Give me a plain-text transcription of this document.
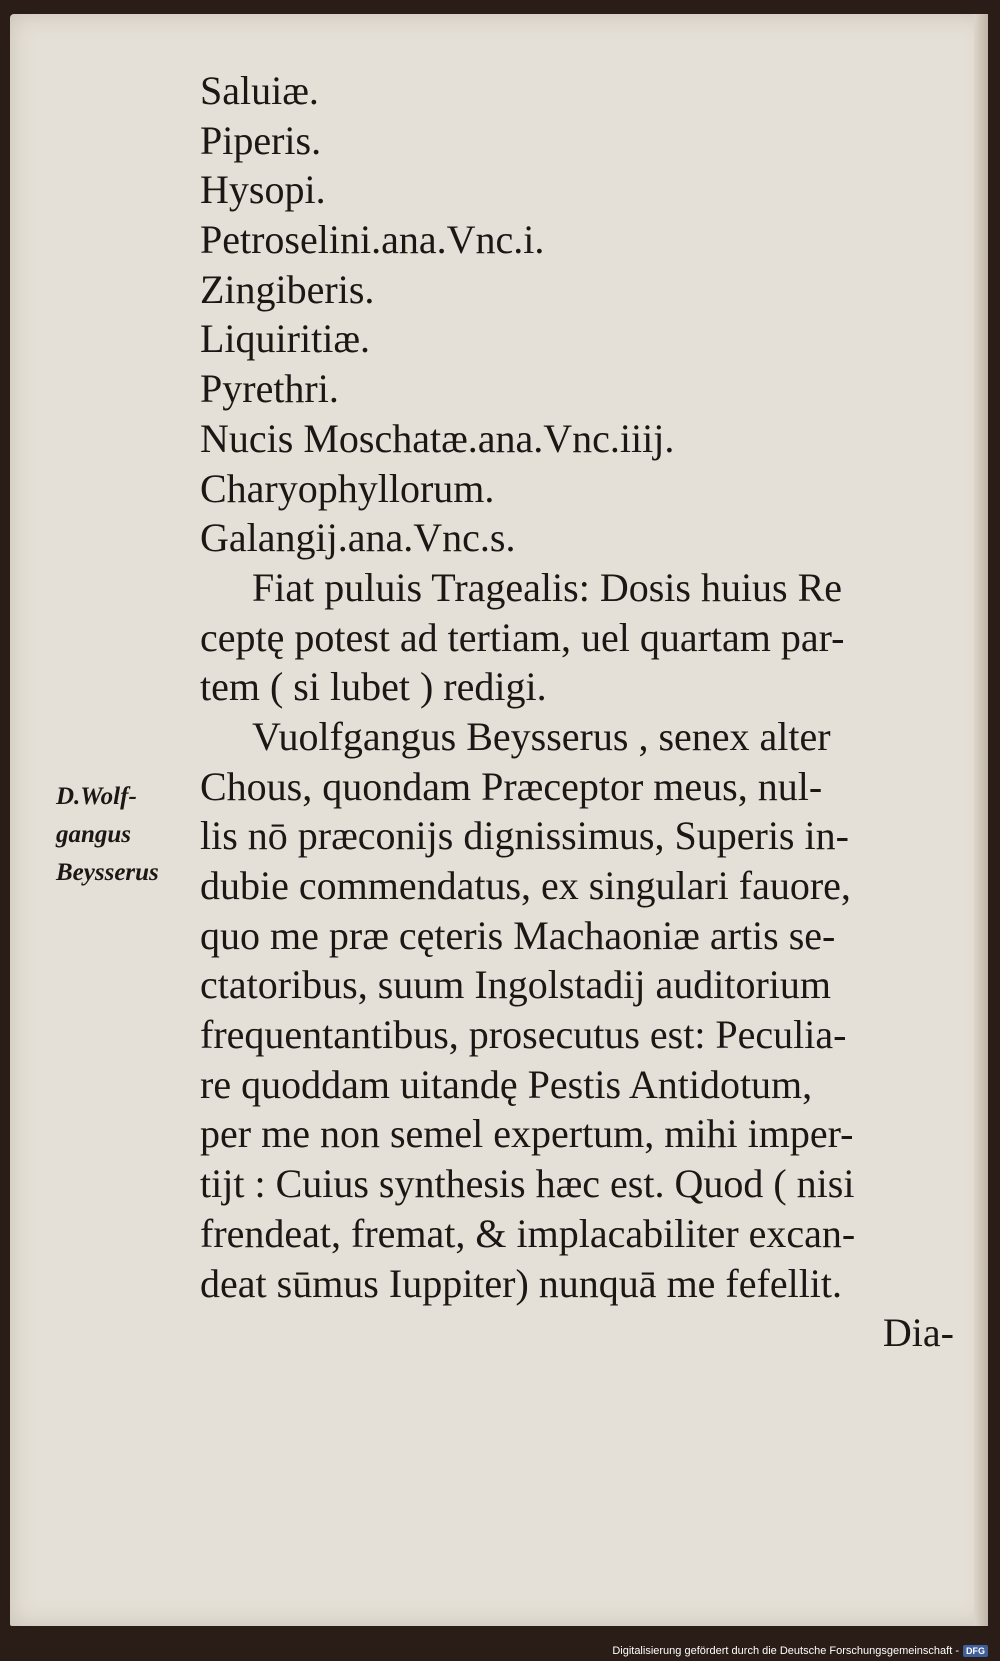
D.Wolf-
gangus
Beysserus
Saluiæ.
Piperis.
Hysopi.
Petroselini.ana.Vnc.i.
Zingiberis.
Liquiritiæ.
Pyrethri.
Nucis Moschatæ.ana.Vnc.iiij.
Charyophyllorum.
Galangij.ana.Vnc.s.
Fiat puluis Tragealis: Dosis huius Re
ceptę potest ad tertiam, uel quartam par-
tem ( si lubet ) redigi.
Vuolfgangus Beysserus , senex alter
Chous, quondam Præceptor meus, nul-
lis nō præconijs dignissimus, Superis in-
dubie commendatus, ex singulari fauore,
quo me præ cęteris Machaoniæ artis se-
ctatoribus, suum Ingolstadij auditorium
frequentantibus, prosecutus est: Peculia-
re quoddam uitandę Pestis Antidotum,
per me non semel expertum, mihi imper-
tijt : Cuius synthesis hæc est. Quod ( nisi
frendeat, fremat, & implacabiliter excan-
deat sūmus Iuppiter) nunquā me fefellit.
Dia-
Digitalisierung gefördert durch die Deutsche Forschungsgemeinschaft - DFG
